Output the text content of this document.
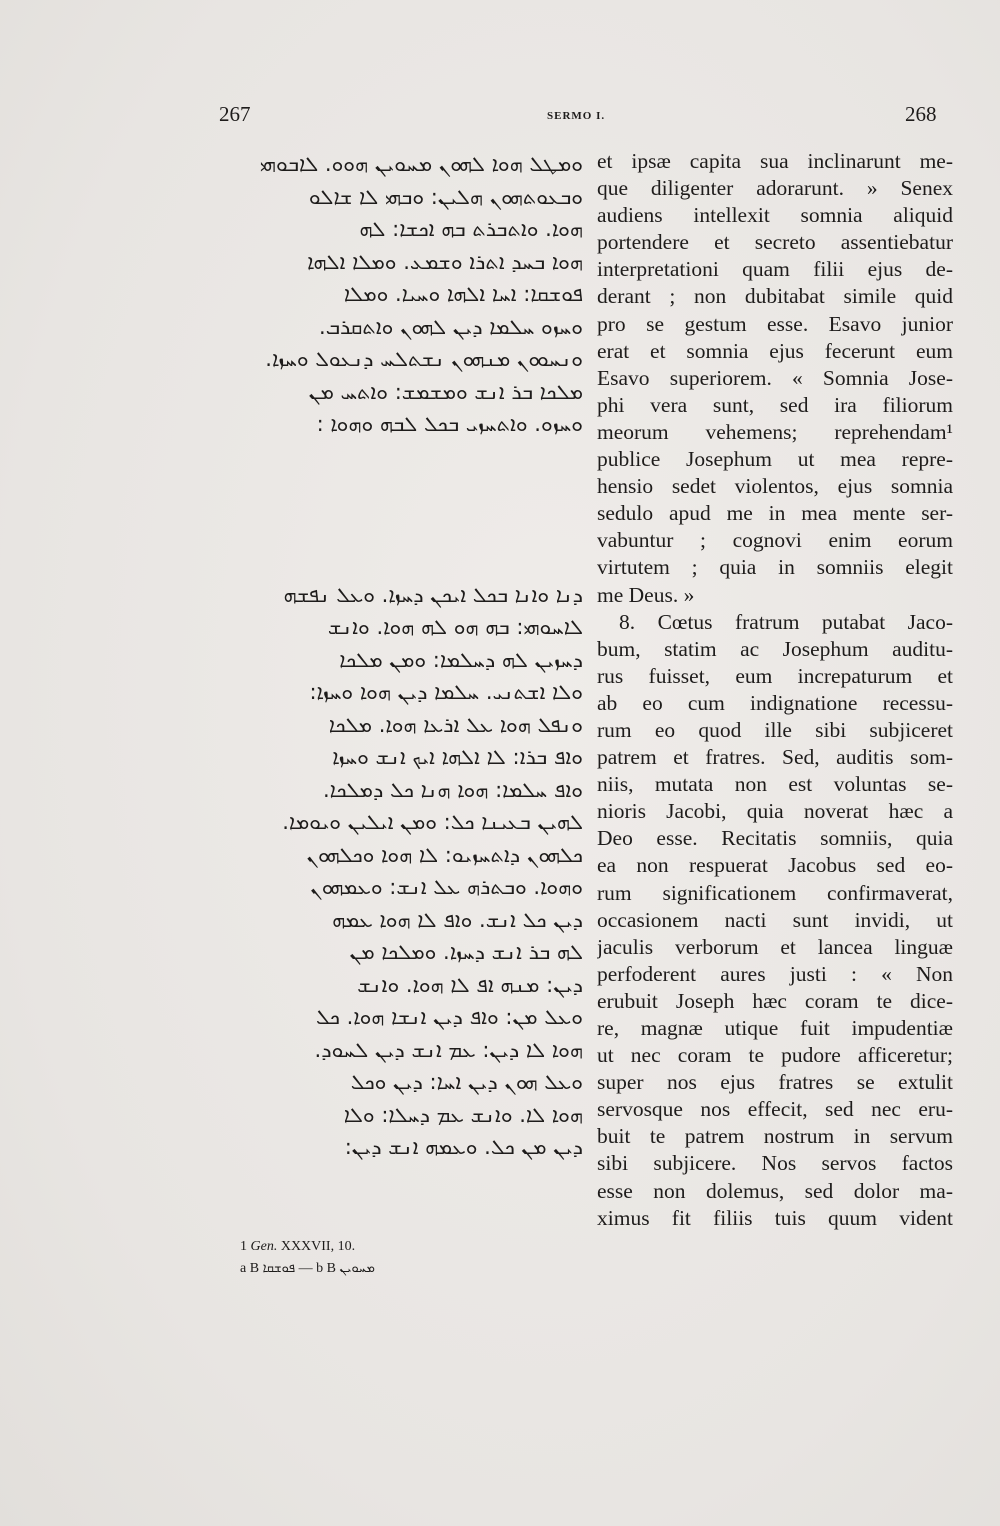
267	SERMO I.	268
ܘܡܛܠ ܗܘܐ ܠܗܘܢ ܡܚܘܝܢ ܗܘܘ. ܠܐܒܘܗܝ
ܘܒܥܘܬܗܘܢ ܗܠܝܢ: ܘܒܗܝ ܠܐ ܫܐܠܘ
ܗܘܐ. ܘܐܬܒܪܬ ܒܗ ܐܟܫܐ: ܠܗ
ܗܘܐ ܒܚܕ ܐܬܪܐ ܘܫܡܥ. ܘܡܠܐ ܐܠܗܐ
ܦܘܫܩܐ: ܐܚܐ ܐܠܗܐ ܘܚܝܐ. ܘܡܠܐ
ܘܚܙܘ ܚܠܡܐ ܕܝܢ ܠܗܘܢ ܘܐܬܩܪܒ.
ܘܢܚܘܘܢ ܡܢܗܘܢ ܢܫܬܠܚ ܕܢܥܘܠ ܘܚܙܐ.
ܡܠܟܐ ܒܪ ܐܢܫ ܘܡܫܡܫ: ܘܐܬܚ ܡܢ
ܘܚܙܘ. ܘܐܬܚܙܝ ܒܟܠ ܠܒܗ ܘܗܘܐ :
ܕܢܐ ܘܐܢܐ ܒܟܠ ܐܝܟܢ ܕܚܙܐ. ܘܥܠ ܢܦܫܗ
ܠܐܚܘܗܝ: ܒܗ ܗܘ ܠܗ ܗܘܐ. ܘܐܢܫ
ܕܚܙܝܢ ܠܗ ܕܚܠܡܐ: ܘܡܢ ܡܠܟܐ
ܘܠܐ ܐܫܬܢܝ. ܚܠܡܐ ܕܝܢ ܗܘܐ ܘܚܙܐ:
ܘܢܦܠ ܗܘܐ ܥܠ ܐܪܥܐ ܗܘܐ. ܡܠܟܐ
ܘܐܦ ܒܪܐ: ܠܐ ܐܠܗܐ ܐܝܟ ܐܢܫ ܘܚܙܐ
ܘܐܦ ܚܠܡܐ: ܗܘܐ ܗܢܐ ܟܠ ܕܡܠܟܐ.
ܠܗܝܢ ܒܥܝܢܐ ܟܠ: ܘܡܢ ܐܝܠܝܢ ܘܝܘܡܐ.
ܟܠܗܘܢ ܕܐܬܚܙܝܘ: ܠܐ ܗܘܐ ܘܟܠܗܘܢ
ܘܗܘܐ. ܘܒܬܪܗ ܥܠ ܐܢܫ: ܘܥܡܗܘܢ
ܕܝܢ ܟܠ ܐܢܫ. ܘܐܦ ܠܐ ܗܘܐ ܥܡܗ
ܠܗ ܒܪ ܐܢܫ ܕܚܙܐ. ܘܡܠܟܐ ܡܢ
ܕܝܢ: ܡܢܗ ܐܦ ܠܐ ܗܘܐ. ܘܐܢܫ
ܘܥܠ ܡܢ: ܘܐܦ ܕܝܢ ܐܢܫܐ ܗܘܐ. ܟܠ
ܗܘܐ ܠܐ ܕܝܢ: ܥܡ ܐܢܫ ܕܝܢ ܠܚܘܕ.
ܘܥܠ ܗܘܢ ܕܝܢ ܐܚܐ: ܕܝܢ ܘܟܠ
ܗܘܐ ܠܐ. ܘܐܢܫ ܥܡ ܕܚܠܐ: ܘܠܐ
ܕܝܢ ܡܢ ܟܠ. ܘܥܡܗ ܐܢܫ ܕܝܢ:
et ipsæ capita sua inclinarunt me-
que diligenter adorarunt. » Senex
audiens intellexit somnia aliquid
portendere et secreto assentiebatur
interpretationi quam filii ejus de-
derant ; non dubitabat simile quid
pro se gestum esse. Esavo junior
erat et somnia ejus fecerunt eum
Esavo superiorem. « Somnia Jose-
phi vera sunt, sed ira filiorum
meorum vehemens; reprehendam¹
publice Josephum ut mea repre-
hensio sedet violentos, ejus somnia
sedulo apud me in mea mente ser-
vabuntur ; cognovi enim eorum
virtutem ; quia in somniis elegit
me Deus. »
8. Cœtus fratrum putabat Jaco-
bum, statim ac Josephum auditu-
rus fuisset, eum increpaturum et
ab eo cum indignatione recessu-
rum eo quod ille sibi subjiceret
patrem et fratres. Sed, auditis som-
niis, mutata non est voluntas se-
nioris Jacobi, quia noverat hæc a
Deo esse. Recitatis somniis, quia
ea non respuerat Jacobus sed eo-
rum significationem confirmaverat,
occasionem nacti sunt invidi, ut
jaculis verborum et lancea linguæ
perfoderent aures justi : « Non
erubuit Joseph hæc coram te dice-
re, magnæ utique fuit impudentiæ
ut nec coram te pudore afficeretur;
super nos ejus fratres se extulit
servosque nos effecit, sed nec eru-
buit te patrem nostrum in servum
sibi subjicere. Nos servos factos
esse non dolemus, sed dolor ma-
ximus fit filiis tuis quum vident
1 Gen. XXXVII, 10.
a B ܦܘܫܩܐ — b B ܡܚܘܝܢ
